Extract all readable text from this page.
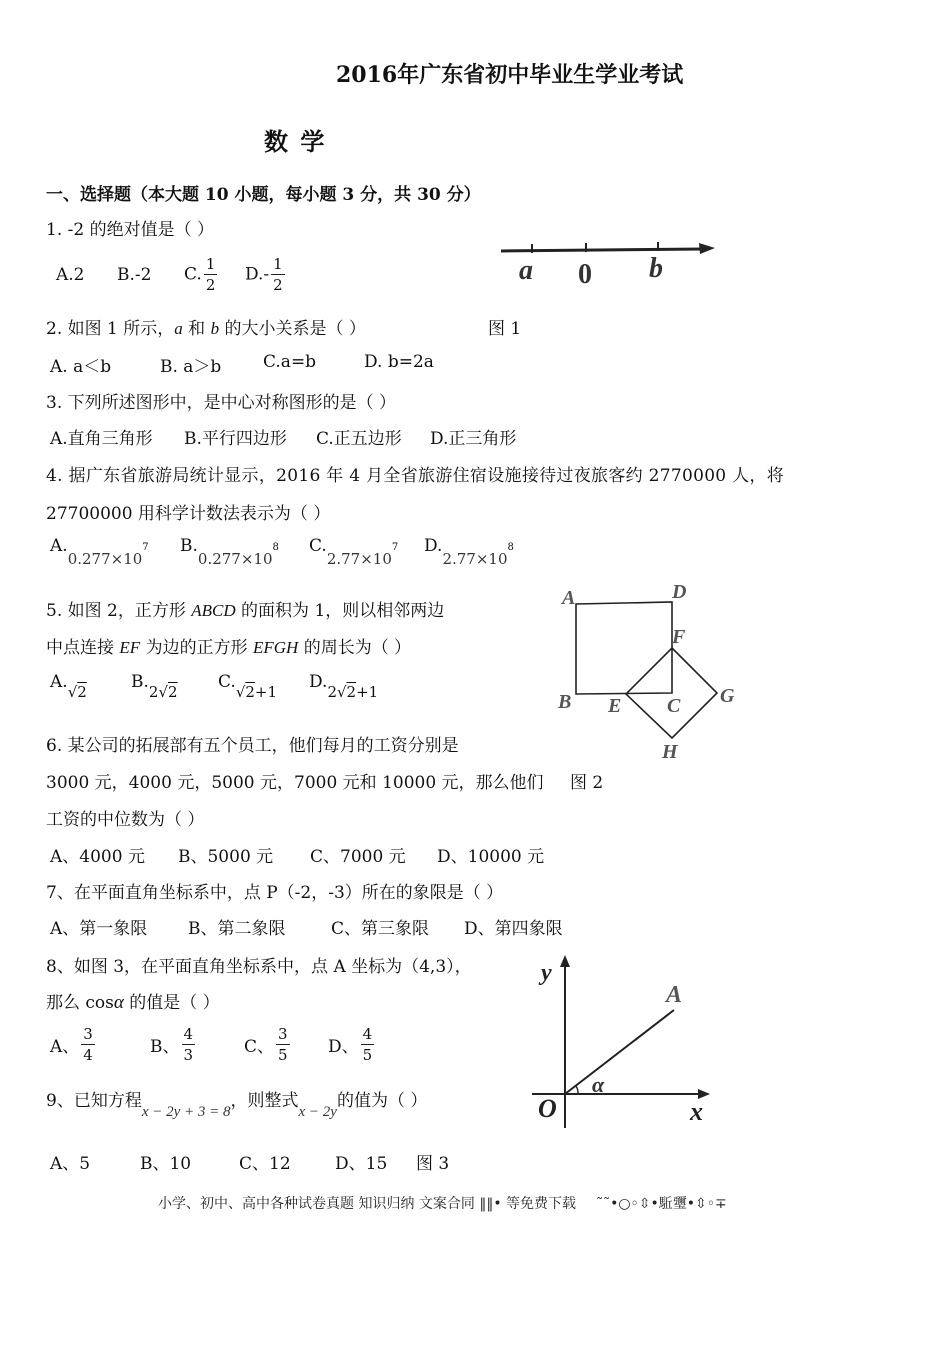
2016年广东省初中毕业生学业考试
数 学
一、选择题（本大题 10 小题，每小题 3 分，共 30 分）
1. -2 的绝对值是（ ）
A.2 B.-2 C. $\frac{1}{2} D.- \frac{1}{2}$	a 0 b
2. 如图 1 所示，a 和 b 的大小关系是（ ）	图 1
A. a＜b	B. a＞b C.a=b	D. b=2a
3. 下列所述图形中，是中心对称图形的是（ ）
A.直角三角形 B.平行四边形 C.正五边形 D.正三角形
4. 据广东省旅游局统计显示，2016 年 4 月全省旅游住宿设施接待过夜旅客约 2770000 人，将
27700000 用科学计数法表示为（ ）
$A.0.277\times 10^7$ $B.0.277\times 10^8$ $C.2.77\times 10^7$ $D.2.77\times 10^8$
5. 如图 2，正方形 ABCD 的面积为 1，则以相邻两边
中点连接 EF 为边的正方形 EFGH 的周长为（ ）
A.√2	B.2√2 C.√2+1 D.2√2+1
A	D
F
B E C G
H
6. 某公司的拓展部有五个员工，他们每月的工资分别是
3000 元，4000 元，5000 元，7000 元和 10000 元，那么他们 图 2
工资的中位数为（ ）
A、4000 元 B、5000 元 C、7000 元 D、10000 元
7、在平面直角坐标系中，点 P（-2，-3）所在的象限是（ ）
A、第一象限 B、第二象限	C、第三象限 D、第四象限
8、如图 3，在平面直角坐标系中，点 A 坐标为（4,3），
那么 cosα 的值是（ ）
A、 $\frac{3}{4}$	B、 $\frac{4}{3}$	C、 $\frac{3}{5}$ D、 $\frac{4}{5}$
y
A
α
O	x
9、已知方程x − 2y + 3 = 8，则整式x − 2y的值为（ ）
A、5	B、10	C、12	D、15 图 3
小学、初中、高中各种试卷真题 知识归纳 文案合同 ‖‖• 等免费下载 ˜˜•○◦⇳•駈瓕•⇳◦∓
